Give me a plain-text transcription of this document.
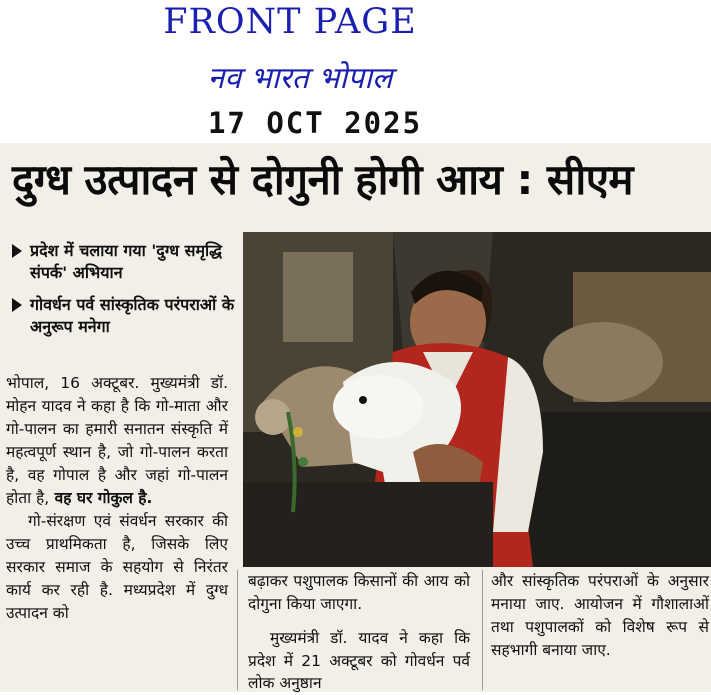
FRONT PAGE
नव भारत भोपाल
17 OCT 2025
दुग्ध उत्पादन से दोगुनी होगी आय : सीएम
प्रदेश में चलाया गया 'दुग्ध समृद्धि संपर्क' अभियान
गोवर्धन पर्व सांस्कृतिक परंपराओं के अनुरूप मनेगा

भोपाल, 16 अक्टूबर. मुख्यमंत्री डॉ. मोहन यादव ने कहा है कि गो-माता और गो-पालन का हमारी सनातन संस्कृति में महत्वपूर्ण स्थान है, जो गो-पालन करता है, वह गोपाल है और जहां गो-पालन होता है, वह घर गोकुल है.

गो-संरक्षण एवं संवर्धन सरकार की उच्च प्राथमिकता है, जिसके लिए सरकार समाज के सहयोग से निरंतर कार्य कर रही है. मध्यप्रदेश में दुग्ध उत्पादन को

बढ़ाकर पशुपालक किसानों की आय को दोगुना किया जाएगा.

मुख्यमंत्री डॉ. यादव ने कहा कि प्रदेश में 21 अक्टूबर को गोवर्धन पर्व लोक अनुष्ठान

और सांस्कृतिक परंपराओं के अनुसार मनाया जाए. आयोजन में गौशालाओं तथा पशुपालकों को विशेष रूप से सहभागी बनाया जाए.
